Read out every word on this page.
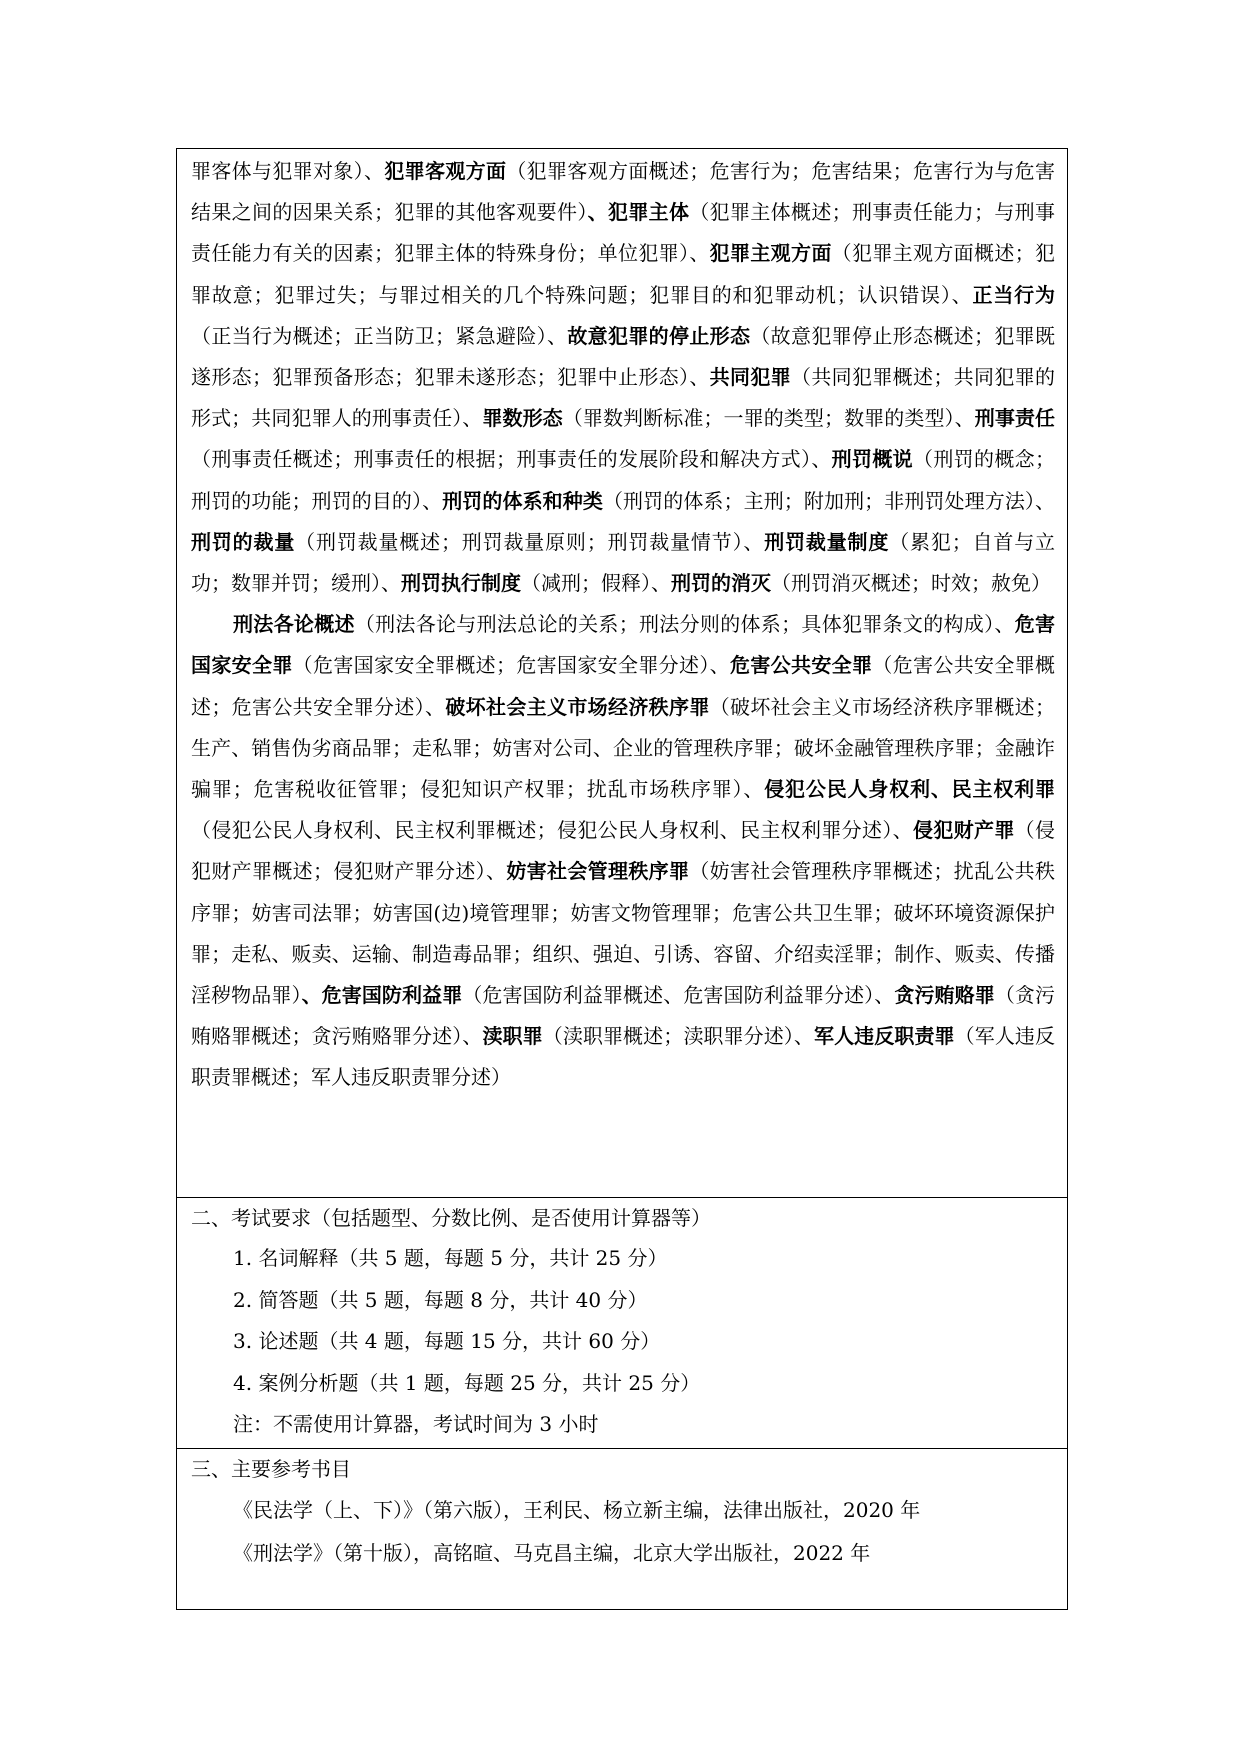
罪客体与犯罪对象）、犯罪客观方面（犯罪客观方面概述；危害行为；危害结果；危害行为与危害结果之间的因果关系；犯罪的其他客观要件）、犯罪主体（犯罪主体概述；刑事责任能力；与刑事责任能力有关的因素；犯罪主体的特殊身份；单位犯罪）、犯罪主观方面（犯罪主观方面概述；犯罪故意；犯罪过失；与罪过相关的几个特殊问题；犯罪目的和犯罪动机；认识错误）、正当行为（正当行为概述；正当防卫；紧急避险）、故意犯罪的停止形态（故意犯罪停止形态概述；犯罪既遂形态；犯罪预备形态；犯罪未遂形态；犯罪中止形态）、共同犯罪（共同犯罪概述；共同犯罪的形式；共同犯罪人的刑事责任）、罪数形态（罪数判断标准；一罪的类型；数罪的类型）、刑事责任（刑事责任概述；刑事责任的根据；刑事责任的发展阶段和解决方式）、刑罚概说（刑罚的概念；刑罚的功能；刑罚的目的）、刑罚的体系和种类（刑罚的体系；主刑；附加刑；非刑罚处理方法）、刑罚的裁量（刑罚裁量概述；刑罚裁量原则；刑罚裁量情节）、刑罚裁量制度（累犯；自首与立功；数罪并罚；缓刑）、刑罚执行制度（减刑；假释）、刑罚的消灭（刑罚消灭概述；时效；赦免）
刑法各论概述（刑法各论与刑法总论的关系；刑法分则的体系；具体犯罪条文的构成）、危害国家安全罪（危害国家安全罪概述；危害国家安全罪分述）、危害公共安全罪（危害公共安全罪概述；危害公共安全罪分述）、破坏社会主义市场经济秩序罪（破坏社会主义市场经济秩序罪概述；生产、销售伪劣商品罪；走私罪；妨害对公司、企业的管理秩序罪；破坏金融管理秩序罪；金融诈骗罪；危害税收征管罪；侵犯知识产权罪；扰乱市场秩序罪）、侵犯公民人身权利、民主权利罪（侵犯公民人身权利、民主权利罪概述；侵犯公民人身权利、民主权利罪分述）、侵犯财产罪（侵犯财产罪概述；侵犯财产罪分述）、妨害社会管理秩序罪（妨害社会管理秩序罪概述；扰乱公共秩序罪；妨害司法罪；妨害国(边)境管理罪；妨害文物管理罪；危害公共卫生罪；破坏环境资源保护罪；走私、贩卖、运输、制造毒品罪；组织、强迫、引诱、容留、介绍卖淫罪；制作、贩卖、传播淫秽物品罪）、危害国防利益罪（危害国防利益罪概述、危害国防利益罪分述）、贪污贿赂罪（贪污贿赂罪概述；贪污贿赂罪分述）、渎职罪（渎职罪概述；渎职罪分述）、军人违反职责罪（军人违反职责罪概述；军人违反职责罪分述）
二、考试要求（包括题型、分数比例、是否使用计算器等）
1. 名词解释（共 5 题，每题 5 分，共计 25 分）
2. 简答题（共 5 题，每题 8 分，共计 40 分）
3. 论述题（共 4 题，每题 15 分，共计 60 分）
4. 案例分析题（共 1 题，每题 25 分，共计 25 分）
注：不需使用计算器，考试时间为 3 小时
三、主要参考书目
《民法学（上、下）》（第六版），王利民、杨立新主编，法律出版社，2020 年
《刑法学》（第十版），高铭暄、马克昌主编，北京大学出版社，2022 年
